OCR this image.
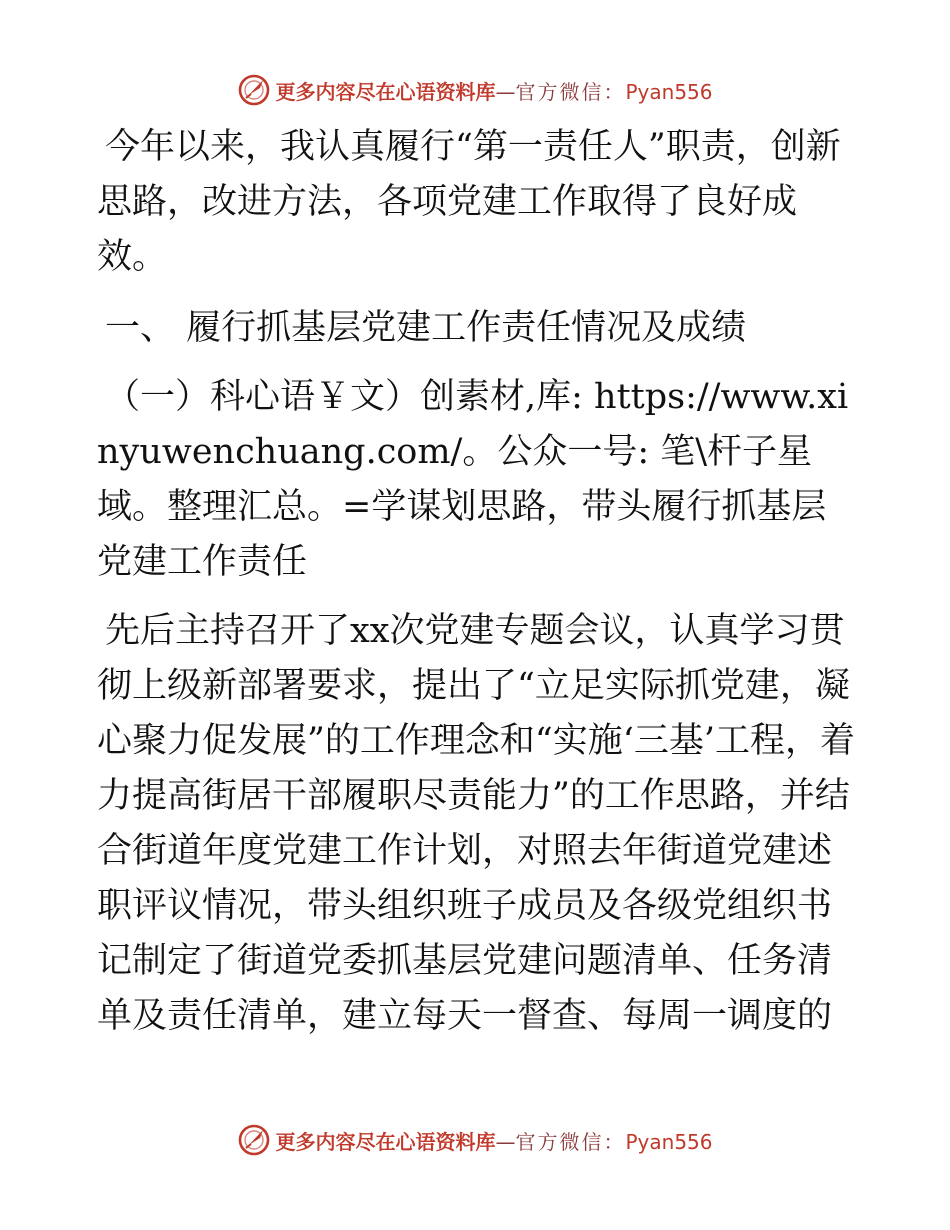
更多内容尽在心语资料库—官方微信：Pyan556

今年以来，我认真履行“第一责任人”职责，创新思路，改进方法，各项党建工作取得了良好成效。

一、 履行抓基层党建工作责任情况及成绩

（一）科心语￥文）创素材,库: https://www.xinyuwenchuang.com/。公众一号: 笔\杆子星域。整理汇总。=学谋划思路，带头履行抓基层党建工作责任

先后主持召开了xx次党建专题会议，认真学习贯彻上级新部署要求，提出了“立足实际抓党建，凝心聚力促发展”的工作理念和“实施‘三基’工程，着力提高街居干部履职尽责能力”的工作思路，并结合街道年度党建工作计划，对照去年街道党建述职评议情况，带头组织班子成员及各级党组织书记制定了街道党委抓基层党建问题清单、任务清单及责任清单，建立每天一督查、每周一调度的

更多内容尽在心语资料库—官方微信：Pyan556
